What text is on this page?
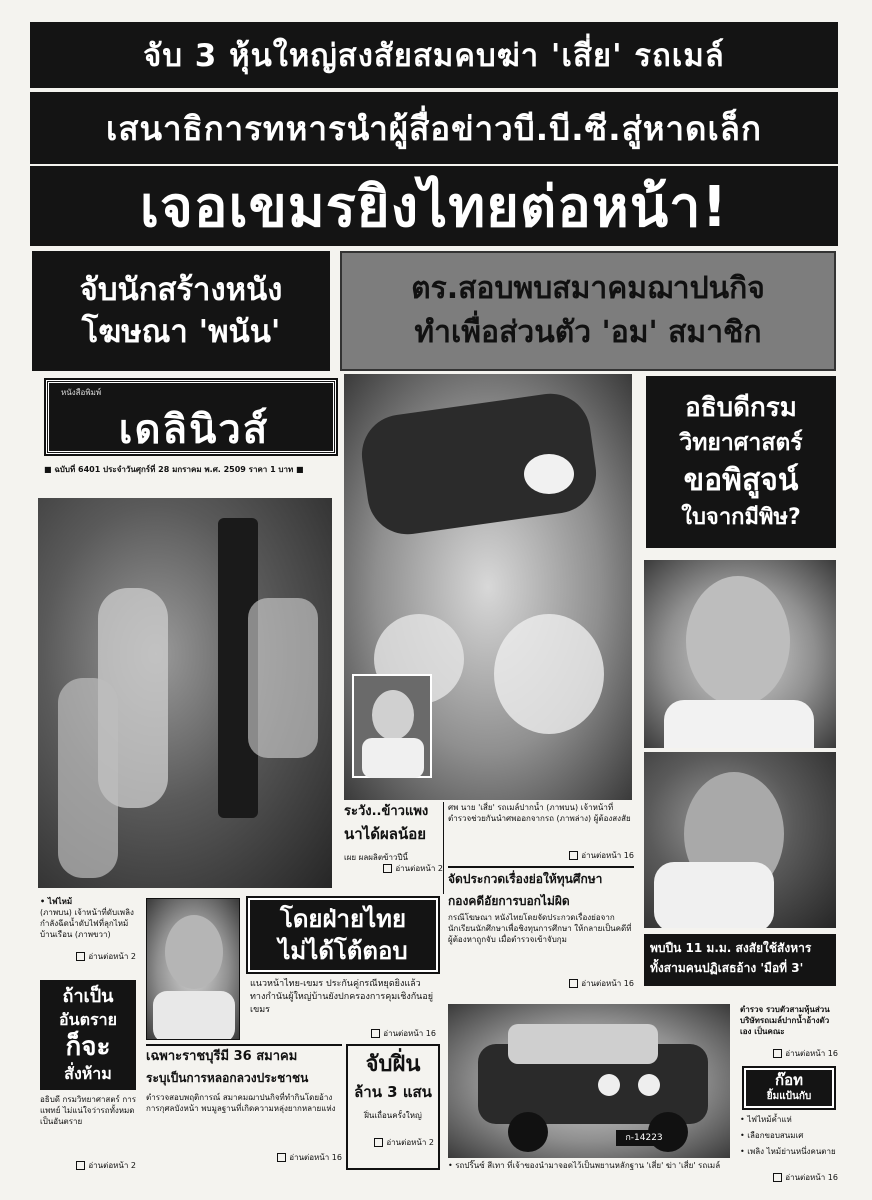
จับ 3 หุ้นใหญ่สงสัยสมคบฆ่า 'เสี่ย' รถเมล์
เสนาธิการทหารนำผู้สื่อข่าวบี.บี.ซี.สู่หาดเล็ก
เจอเขมรยิงไทยต่อหน้า!
จับนักสร้างหนัง
โฆษณา 'พนัน'
ตร.สอบพบสมาคมฌาปนกิจ
ทำเพื่อส่วนตัว 'อม' สมาชิก
หนังสือพิมพ์
เดลินิวส์
■ ฉบับที่ 6401 ประจำวันศุกร์ที่ 28 มกราคม พ.ศ. 2509 ราคา 1 บาท ■
อธิบดีกรม
วิทยาศาสตร์
ขอพิสูจน์
ใบจากมีพิษ?
พบปืน 11 ม.ม. สงสัยใช้สังหาร
ทั้งสามคนปฏิเสธอ้าง 'มือที่ 3'
ระวัง..ข้าวแพง
นาได้ผลน้อย
เผย ผลผลิตข้าวปีนี้
อ่านต่อหน้า 2
ศพ นาย 'เสี่ย' รถเมล์ปากน้ำ (ภาพบน) เจ้าหน้าที่ตำรวจช่วยกันนำศพออกจากรถ (ภาพล่าง) ผู้ต้องสงสัย
อ่านต่อหน้า 16
จัดประกวดเรื่องย่อให้ทุนศึกษา
กองคดีอัยการบอกไม่ผิด
กรณีโฆษณา หนังไทยโดยจัดประกวดเรื่องย่อจากนักเรียนนักศึกษาเพื่อชิงทุนการศึกษา ให้กลายเป็นคดีที่ผู้ต้องหาถูกจับ เมื่อตำรวจเข้าจับกุม
อ่านต่อหน้า 16
• ไฟไหม้
(ภาพบน) เจ้าหน้าที่ดับเพลิงกำลังฉีดน้ำดับไฟที่ลุกไหม้บ้านเรือน (ภาพขวา)
อ่านต่อหน้า 2
ถ้าเป็น
อันตราย
ก็จะ
สั่งห้าม
อธิบดี กรมวิทยาศาสตร์ การแพทย์ ไม่แน่ใจว่ารถทั้งหมดเป็นอันตราย
อ่านต่อหน้า 2
โดยฝ่ายไทย
ไม่ได้โต้ตอบ
แนวหน้าไทย-เขมร ประกันคู่กรณีหยุดยิงแล้ว ทางกำนันผู้ใหญ่บ้านยังปกครองการคุมเชิงกันอยู่ เขมร
อ่านต่อหน้า 16
เฉพาะราชบุรีมี 36 สมาคม
ระบุเป็นการหลอกลวงประชาชน
ตำรวจสอบพฤติการณ์ สมาคมฌาปนกิจที่ทำกินโดยอ้างการกุศลบังหน้า พบมูลฐานที่เกิดความหลุ่งยากหลายแห่ง
อ่านต่อหน้า 16
จับฝิ่น
ล้าน 3 แสน
ฝิ่นเถื่อนครั้งใหญ่
อ่านต่อหน้า 2	ก-14223
• รถปริ๊นซ์ สีเทา ที่เจ้าของนำมาจอดไว้เป็นพยานหลักฐาน 'เสี่ย' ฆ่า 'เสี่ย' รถเมล์
ตำรวจ รวบตัวสามหุ้นส่วนบริษัทรถเมล์ปากน้ำอ้างตัวเอง เป็นคณะ
อ่านต่อหน้า 16
ก๊อท
ยิ้มแป้นกับ
• ไฟไหม้ค้ำแห่
• เลือกขอบสนมเศ
• เพลิง ไหม้ย่านหนึ่งคนตาย
อ่านต่อหน้า 16
